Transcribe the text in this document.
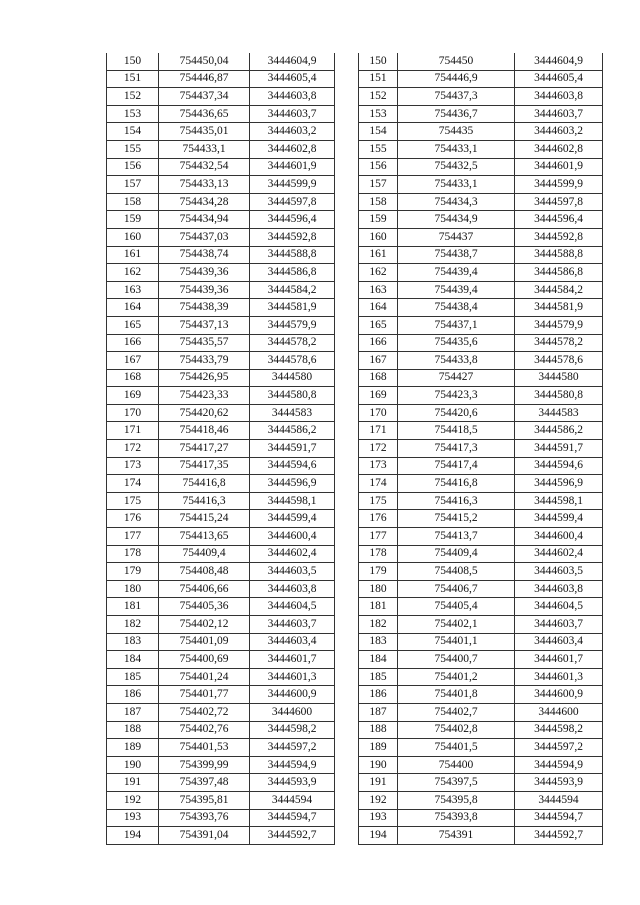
150	754450,04	3444604,9
151	754446,87	3444605,4
152	754437,34	3444603,8
153	754436,65	3444603,7
154	754435,01	3444603,2
155	754433,1	3444602,8
156	754432,54	3444601,9
157	754433,13	3444599,9
158	754434,28	3444597,8
159	754434,94	3444596,4
160	754437,03	3444592,8
161	754438,74	3444588,8
162	754439,36	3444586,8
163	754439,36	3444584,2
164	754438,39	3444581,9
165	754437,13	3444579,9
166	754435,57	3444578,2
167	754433,79	3444578,6
168	754426,95	3444580
169	754423,33	3444580,8
170	754420,62	3444583
171	754418,46	3444586,2
172	754417,27	3444591,7
173	754417,35	3444594,6
174	754416,8	3444596,9
175	754416,3	3444598,1
176	754415,24	3444599,4
177	754413,65	3444600,4
178	754409,4	3444602,4
179	754408,48	3444603,5
180	754406,66	3444603,8
181	754405,36	3444604,5
182	754402,12	3444603,7
183	754401,09	3444603,4
184	754400,69	3444601,7
185	754401,24	3444601,3
186	754401,77	3444600,9
187	754402,72	3444600
188	754402,76	3444598,2
189	754401,53	3444597,2
190	754399,99	3444594,9
191	754397,48	3444593,9
192	754395,81	3444594
193	754393,76	3444594,7
194	754391,04	3444592,7
150	754450	3444604,9
151	754446,9	3444605,4
152	754437,3	3444603,8
153	754436,7	3444603,7
154	754435	3444603,2
155	754433,1	3444602,8
156	754432,5	3444601,9
157	754433,1	3444599,9
158	754434,3	3444597,8
159	754434,9	3444596,4
160	754437	3444592,8
161	754438,7	3444588,8
162	754439,4	3444586,8
163	754439,4	3444584,2
164	754438,4	3444581,9
165	754437,1	3444579,9
166	754435,6	3444578,2
167	754433,8	3444578,6
168	754427	3444580
169	754423,3	3444580,8
170	754420,6	3444583
171	754418,5	3444586,2
172	754417,3	3444591,7
173	754417,4	3444594,6
174	754416,8	3444596,9
175	754416,3	3444598,1
176	754415,2	3444599,4
177	754413,7	3444600,4
178	754409,4	3444602,4
179	754408,5	3444603,5
180	754406,7	3444603,8
181	754405,4	3444604,5
182	754402,1	3444603,7
183	754401,1	3444603,4
184	754400,7	3444601,7
185	754401,2	3444601,3
186	754401,8	3444600,9
187	754402,7	3444600
188	754402,8	3444598,2
189	754401,5	3444597,2
190	754400	3444594,9
191	754397,5	3444593,9
192	754395,8	3444594
193	754393,8	3444594,7
194	754391	3444592,7
